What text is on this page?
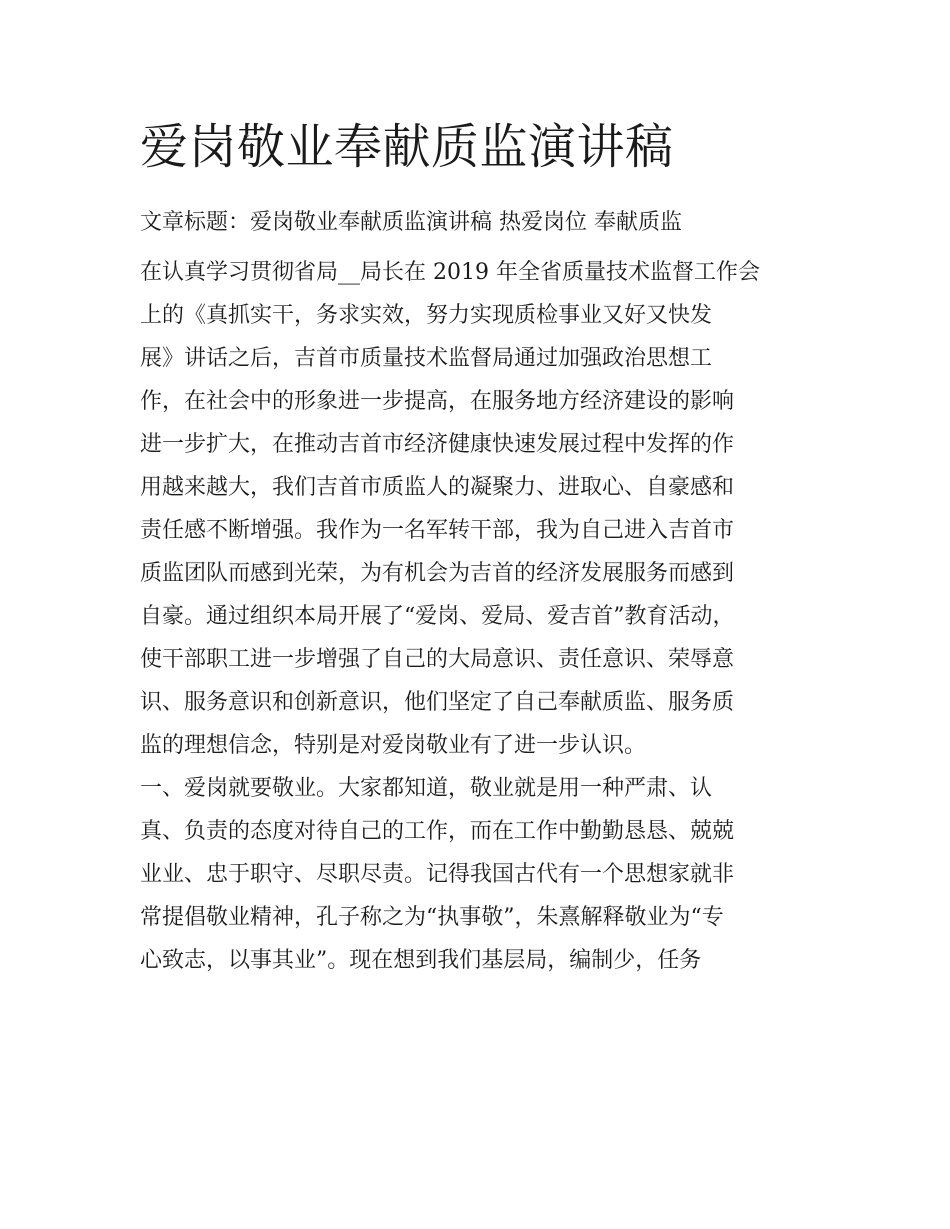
爱岗敬业奉献质监演讲稿

文章标题：爱岗敬业奉献质监演讲稿 热爱岗位 奉献质监

在认真学习贯彻省局__局长在 2019 年全省质量技术监督工作会
上的《真抓实干，务求实效，努力实现质检事业又好又快发
展》讲话之后，吉首市质量技术监督局通过加强政治思想工
作，在社会中的形象进一步提高，在服务地方经济建设的影响
进一步扩大，在推动吉首市经济健康快速发展过程中发挥的作
用越来越大，我们吉首市质监人的凝聚力、进取心、自豪感和
责任感不断增强。我作为一名军转干部，我为自己进入吉首市
质监团队而感到光荣，为有机会为吉首的经济发展服务而感到
自豪。通过组织本局开展了“爱岗、爱局、爱吉首”教育活动，
使干部职工进一步增强了自己的大局意识、责任意识、荣辱意
识、服务意识和创新意识，他们坚定了自己奉献质监、服务质
监的理想信念，特别是对爱岗敬业有了进一步认识。
一、爱岗就要敬业。大家都知道，敬业就是用一种严肃、认
真、负责的态度对待自己的工作，而在工作中勤勤恳恳、兢兢
业业、忠于职守、尽职尽责。记得我国古代有一个思想家就非
常提倡敬业精神，孔子称之为“执事敬”，朱熹解释敬业为“专
心致志，以事其业”。现在想到我们基层局，编制少，任务
